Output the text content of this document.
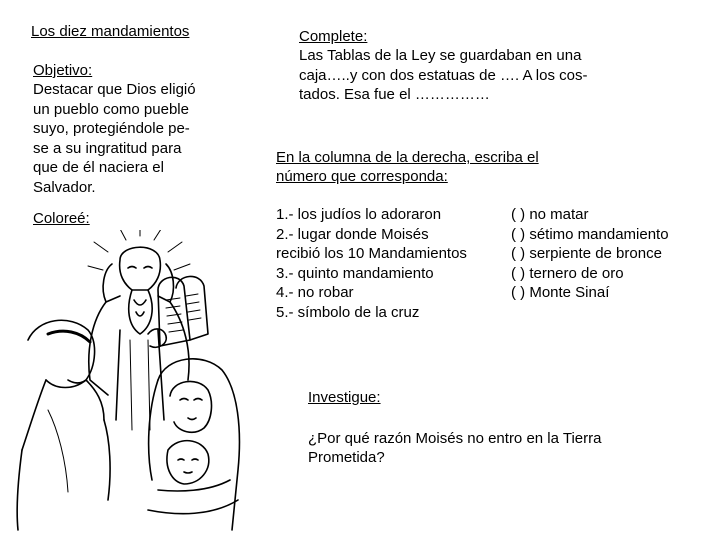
Los diez mandamientos
Objetivo:
Destacar que Dios eligió
un pueblo como pueble
suyo, protegiéndole pe-
se a su ingratitud para
que de él naciera el
Salvador.
Coloreé:
Complete:
Las Tablas de la Ley se guardaban en una
caja…..y con dos estatuas de …. A los cos-
tados. Esa fue el ……………
En la columna de la derecha, escriba el
número que corresponda:
1.- los judíos lo adoraron
2.- lugar donde Moisés
recibió los 10 Mandamientos
3.- quinto mandamiento
4.- no robar
5.- símbolo de la cruz
( ) no matar
( ) sétimo mandamiento
( ) serpiente de bronce
( ) ternero de oro
( ) Monte Sinaí
Investigue:
¿Por qué razón Moisés no entro en la Tierra
Prometida?
